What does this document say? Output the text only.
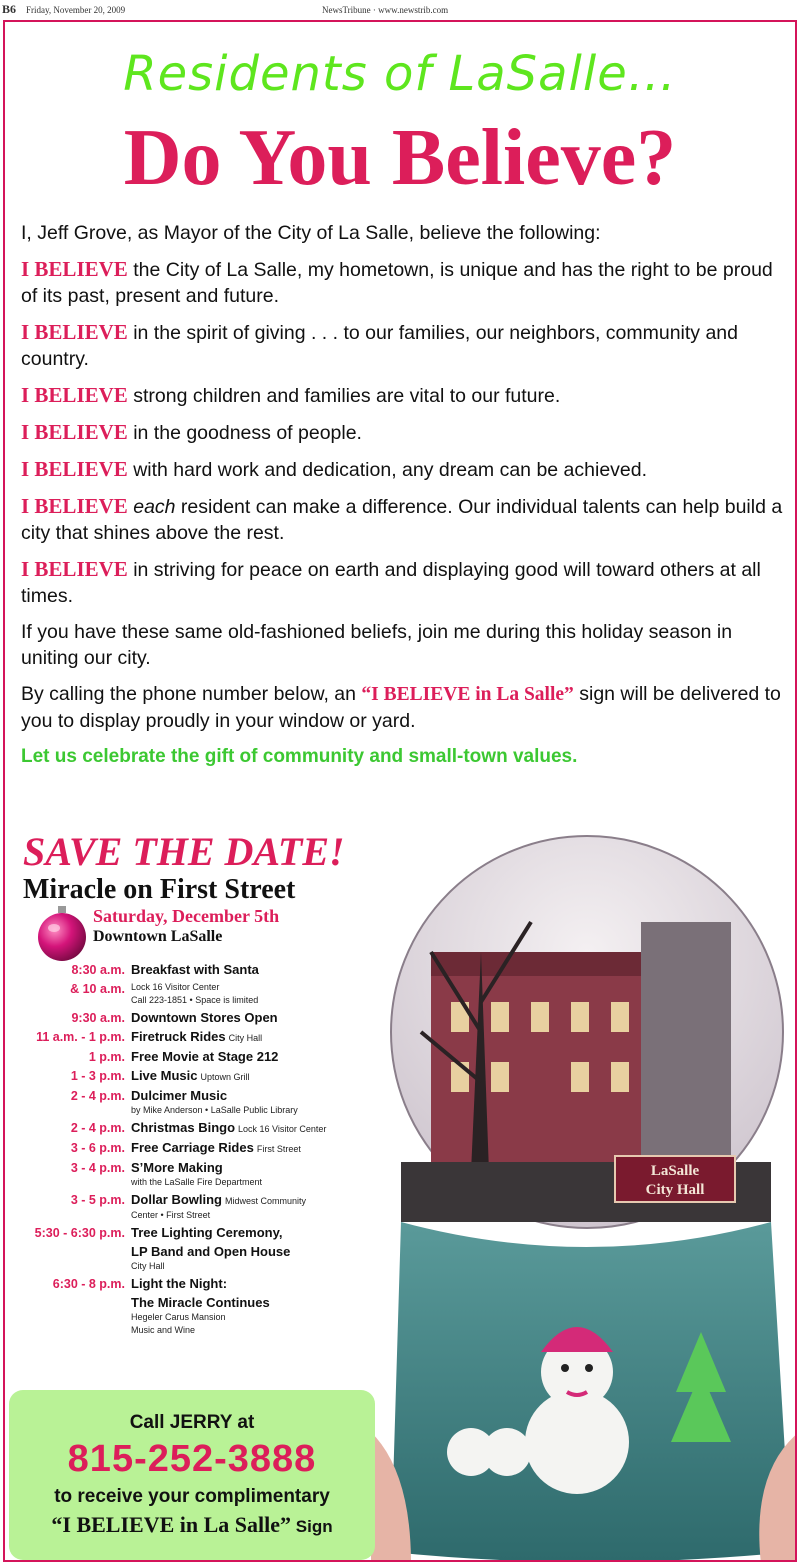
B6 Friday, November 20, 2009	NewsTribune · www.newstrib.com
Residents of LaSalle…
Do You Believe?

I, Jeff Grove, as Mayor of the City of La Salle, believe the following:

I BELIEVE the City of La Salle, my hometown, is unique and has the right to be proud of its past, present and future.

I BELIEVE in the spirit of giving . . . to our families, our neighbors, community and country.

I BELIEVE strong children and families are vital to our future.

I BELIEVE in the goodness of people.

I BELIEVE with hard work and dedication, any dream can be achieved.

I BELIEVE each resident can make a difference. Our individual talents can help build a city that shines above the rest.

I BELIEVE in striving for peace on earth and displaying good will toward others at all times.

If you have these same old-fashioned beliefs, join me during this holiday season in uniting our city.

By calling the phone number below, an “I BELIEVE in La Salle” sign will be delivered to you to display proudly in your window or yard.

Let us celebrate the gift of community and small-town values.

SAVE THE DATE!
Miracle on First Street
Saturday, December 5th
Downtown LaSalle
8:30 a.m. Breakfast with Santa
& 10 a.m. Lock 16 Visitor Center
Call 223-1851 • Space is limited
9:30 a.m. Downtown Stores Open
11 a.m. - 1 p.m. Firetruck Rides City Hall
1 p.m. Free Movie at Stage 212
1 - 3 p.m. Live Music Uptown Grill
2 - 4 p.m. Dulcimer Music
by Mike Anderson • LaSalle Public Library
2 - 4 p.m. Christmas Bingo Lock 16 Visitor Center
3 - 6 p.m. Free Carriage Rides First Street
3 - 4 p.m. S’More Making
with the LaSalle Fire Department
3 - 5 p.m. Dollar Bowling Midwest Community
Center • First Street
5:30 - 6:30 p.m. Tree Lighting Ceremony,
LP Band and Open House
City Hall
6:30 - 8 p.m. Light the Night:
The Miracle Continues
Hegeler Carus Mansion
Music and Wine
LaSalle
City Hall
Call JERRY at
815-252-3888
to receive your complimentary
“I BELIEVE in La Salle” Sign
